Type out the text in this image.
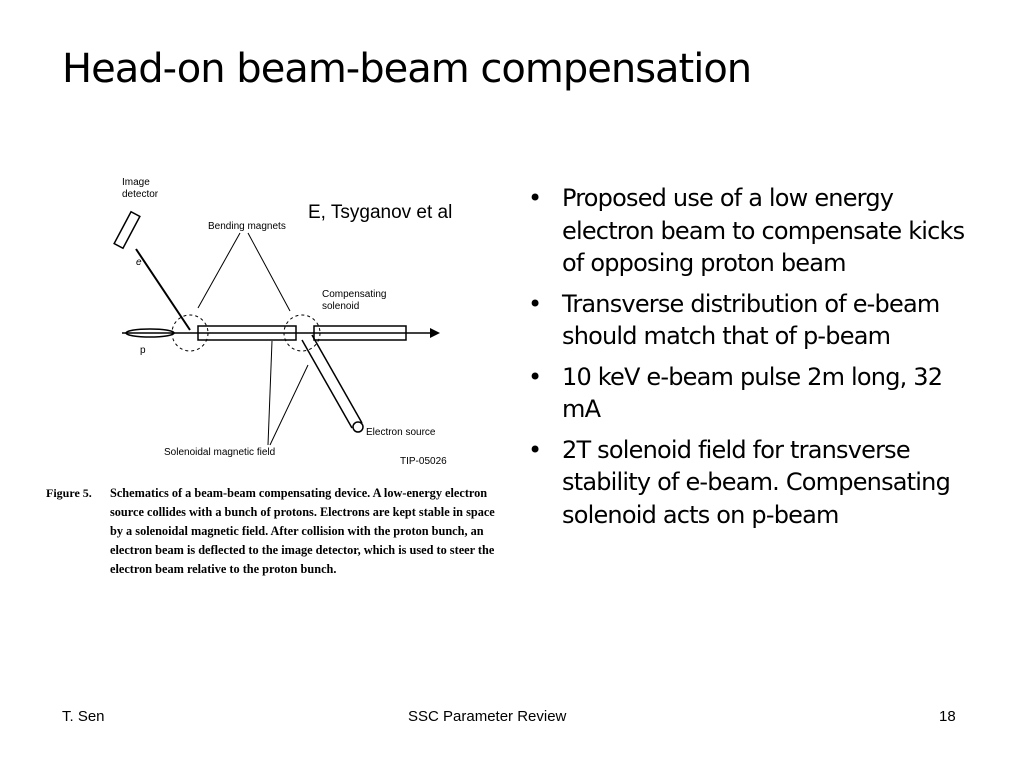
Head-on beam-beam compensation
Image
detector
e
Bending magnets
p
Compensating
solenoid
Electron source
Solenoidal magnetic field
TIP-05026
E, Tsyganov et al
Figure 5. Schematics of a beam-beam compensating device. A low-energy electron source collides with a bunch of protons. Electrons are kept stable in space by a solenoidal magnetic field. After collision with the proton bunch, an electron beam is deflected to the image detector, which is used to steer the electron beam relative to the proton bunch.

• Proposed use of a low energy electron beam to compensate kicks of opposing proton beam
• Transverse distribution of e-beam should match that of p-beam
• 10 keV e-beam pulse 2m long, 32 mA
• 2T solenoid field for transverse stability of e-beam. Compensating solenoid acts on p-beam
T. Sen	SSC Parameter Review	18
